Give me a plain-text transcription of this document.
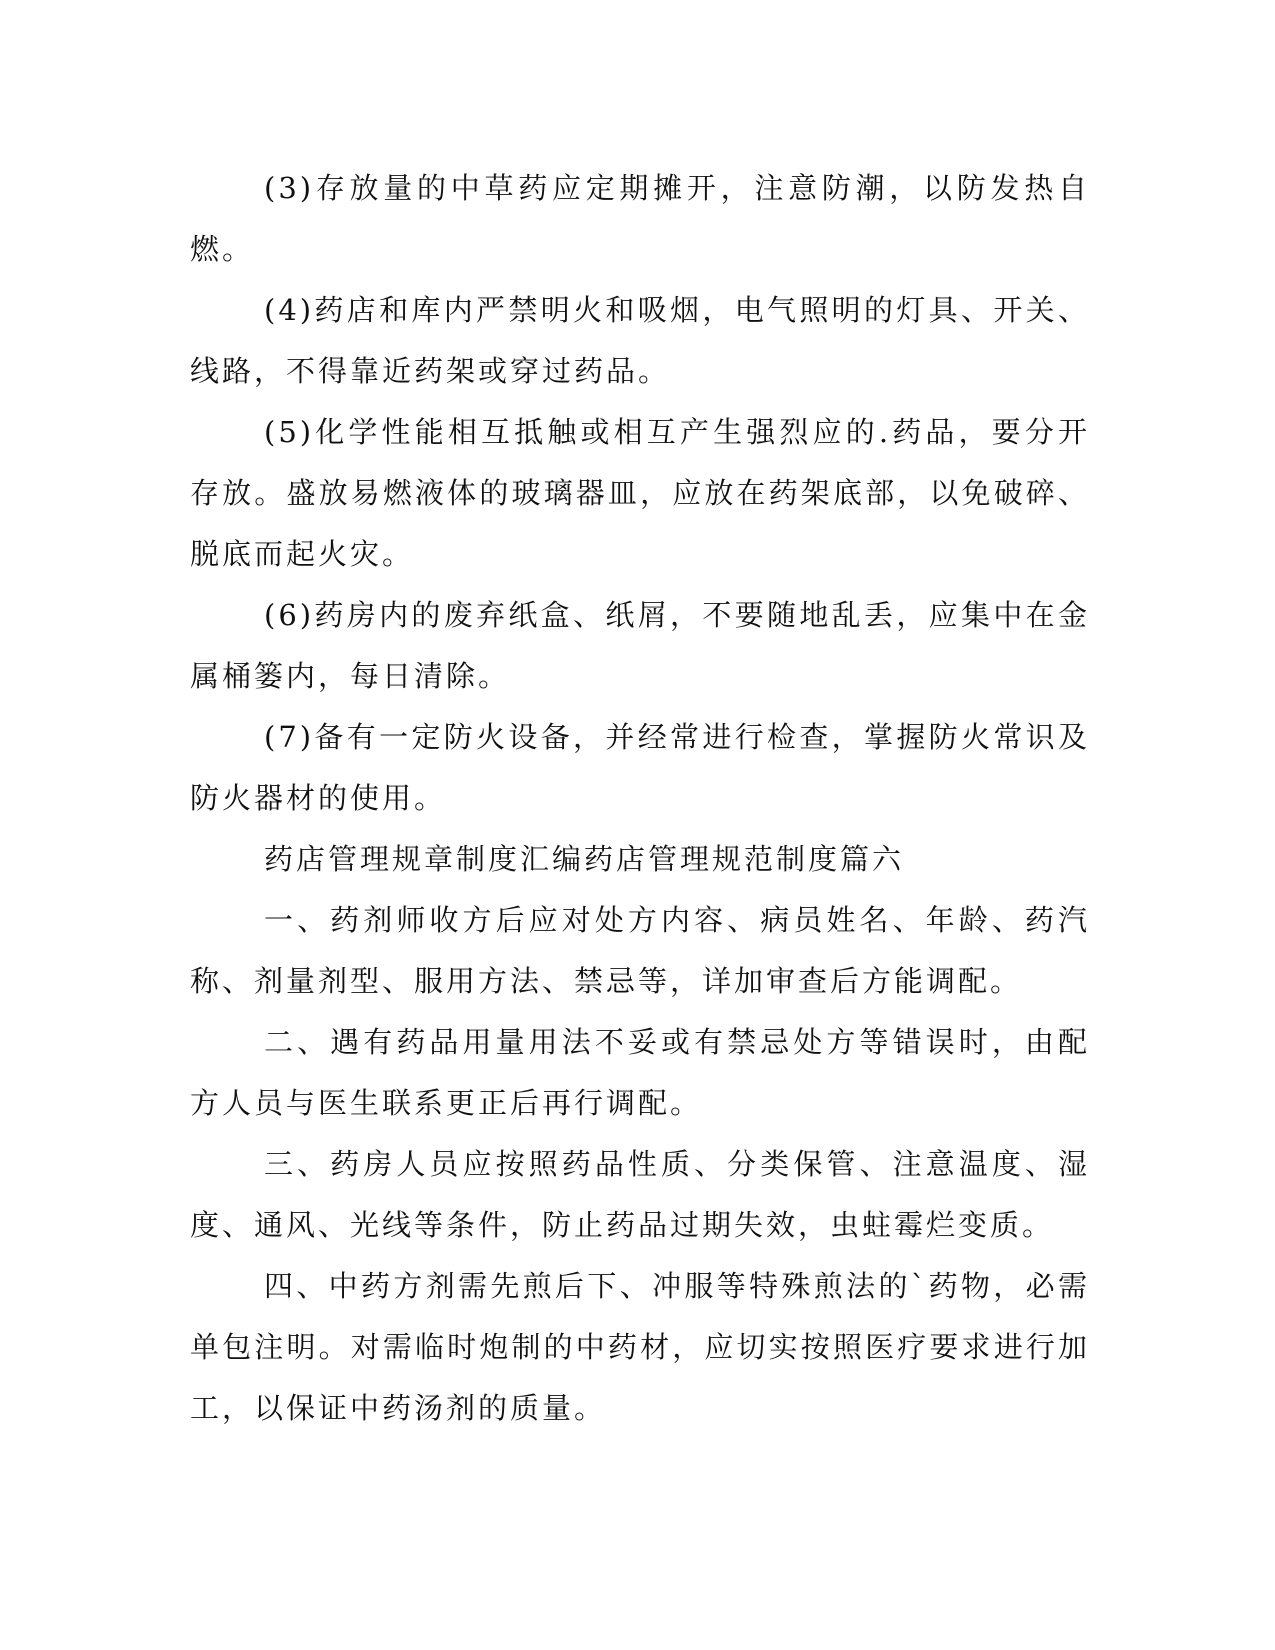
(3)存放量的中草药应定期摊开，注意防潮，以防发热自燃。

(4)药店和库内严禁明火和吸烟，电气照明的灯具、开关、线路，不得靠近药架或穿过药品。

(5)化学性能相互抵触或相互产生强烈应的.药品，要分开存放。盛放易燃液体的玻璃器皿，应放在药架底部，以免破碎、脱底而起火灾。

(6)药房内的废弃纸盒、纸屑，不要随地乱丢，应集中在金属桶篓内，每日清除。

(7)备有一定防火设备，并经常进行检查，掌握防火常识及防火器材的使用。

药店管理规章制度汇编药店管理规范制度篇六

一、药剂师收方后应对处方内容、病员姓名、年龄、药汽称、剂量剂型、服用方法、禁忌等，详加审查后方能调配。

二、遇有药品用量用法不妥或有禁忌处方等错误时，由配方人员与医生联系更正后再行调配。

三、药房人员应按照药品性质、分类保管、注意温度、湿度、通风、光线等条件，防止药品过期失效，虫蛀霉烂变质。

四、中药方剂需先煎后下、冲服等特殊煎法的`药物，必需单包注明。对需临时炮制的中药材，应切实按照医疗要求进行加工，以保证中药汤剂的质量。
